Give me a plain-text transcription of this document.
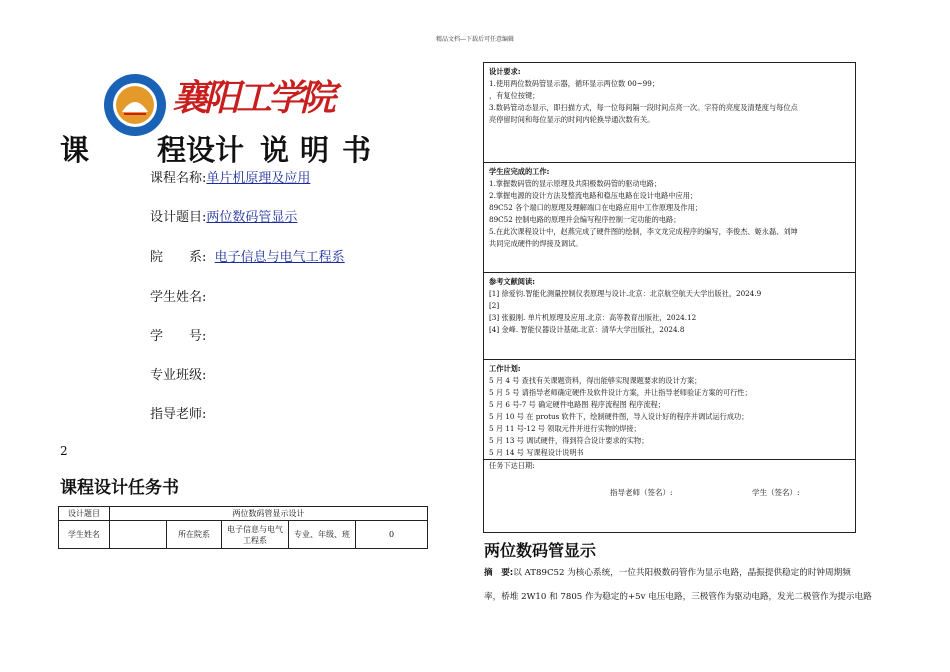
精品文档---下载后可任意编辑
襄阳工学院
课 程设计 说 明 书
课程名称:单片机原理及应用
设计题目:两位数码管显示
院　　系: 电子信息与电气工程系
学生姓名:
学　　号:
专业班级:
指导老师:
2
课程设计任务书
设计题目	两位数码管显示设计				
学生姓名		所在院系	电子信息与电气工程系	专业、年级、班	0
设计要求:
1.使用两位数码管显示器，循环显示两位数 00~99；
，有复位按键；
3.数码管动态显示，即扫描方式，每一位每间隔一段时间点亮一次。字符的亮度及清楚度与每位点
亮停留时间和每位显示的时间内轮换导通次数有关。
学生应完成的工作:
1.掌握数码管的显示原理及共阳极数码管的驱动电路；
2.掌握电源的设计方法及整流电路和稳压电路在设计电路中应用；
89C52 各个端口的原理及理解端口在电路应用中工作原理及作用；
89C52 控制电路的原理并会编写程序控制一定功能的电路；
5.在此次课程设计中，赵燕完成了硬件图的绘制，李文龙完成程序的编写，李俊杰、姬永磊、刘坤
共同完成硬件的焊接及调试。
参考文献阅读:
[1] 徐爱钧.智能化测量控制仪表原理与设计.北京：北京航空航天大学出版社，2024.9
[2]
[3] 张毅刚. 单片机原理及应用.北京：高等教育出版社，2024.12
[4] 金峰. 智能仪器设计基础.北京：清华大学出版社，2024.8
工作计划:
5 月 4 号 查找有关课题资料，得出能够实现课题要求的设计方案；
5 月 5 号 请指导老师确定硬件及软件设计方案，并让指导老师验证方案的可行性；
5 月 6 号-7 号 确定硬件电路图 程序流程图 程序流程；
5 月 10 号 在 protus 软件下，绘制硬件图，导入设计好的程序并调试运行成功；
5 月 11 号-12 号 领取元件并进行实物的焊接；
5 月 13 号 调试硬件，得到符合设计要求的实物；
5 月 14 号 写课程设计说明书
任务下达日期:
指导老师（签名）:	学生（签名）:
两位数码管显示
摘　要:以 AT89C52 为核心系统，一位共阳极数码管作为显示电路，晶振提供稳定的时钟周期频
率，桥堆 2W10 和 7805 作为稳定的+5v 电压电路，三极管作为驱动电路，发光二极管作为提示电路
